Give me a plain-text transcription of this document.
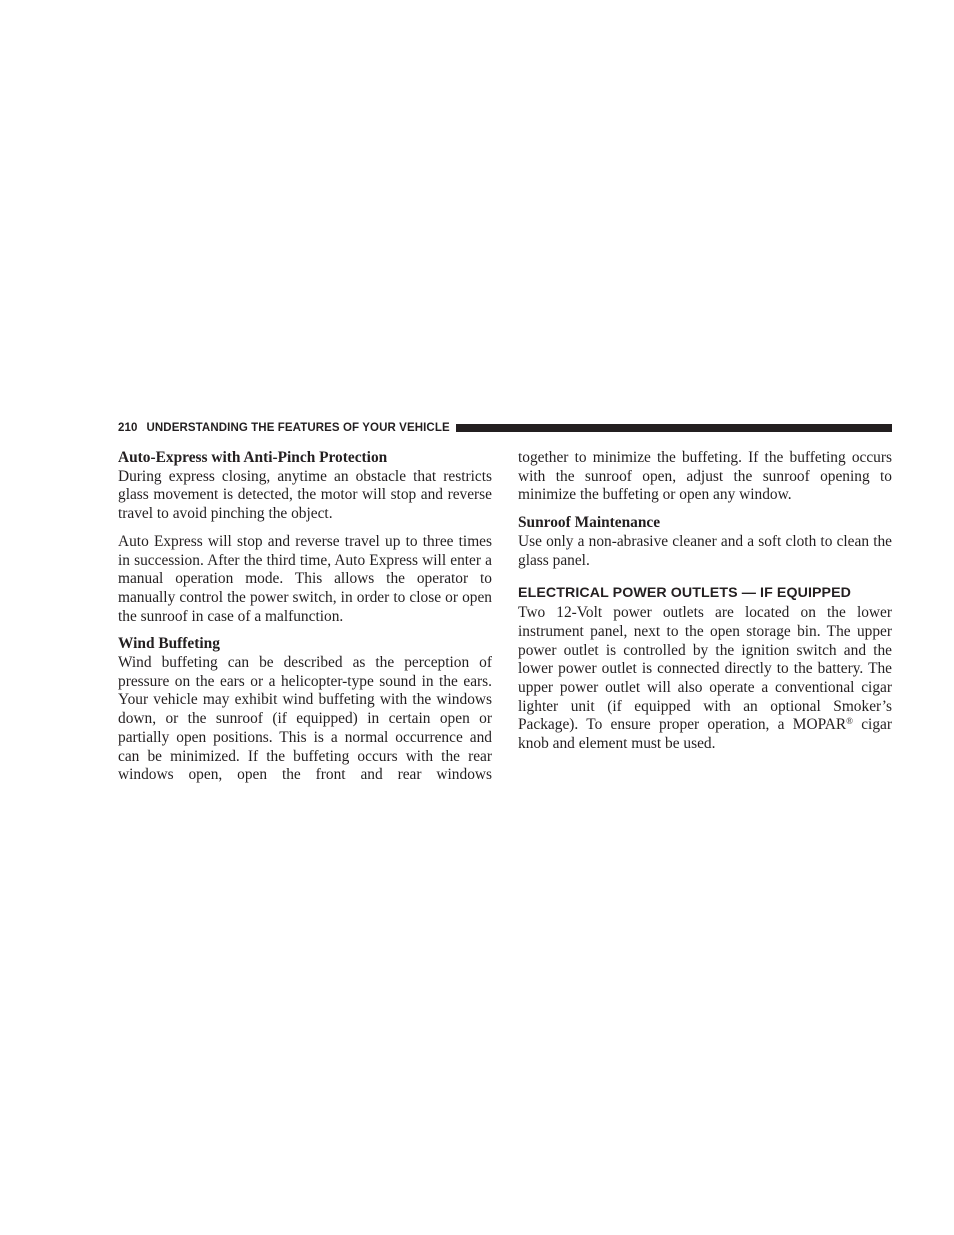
210 UNDERSTANDING THE FEATURES OF YOUR VEHICLE
Auto-Express with Anti-Pinch Protection

During express closing, anytime an obstacle that restricts glass movement is detected, the motor will stop and reverse travel to avoid pinching the object.

Auto Express will stop and reverse travel up to three times in succession. After the third time, Auto Express will enter a manual operation mode. This allows the operator to manually control the power switch, in order to close or open the sunroof in case of a malfunction.

Wind Buffeting

Wind buffeting can be described as the perception of pressure on the ears or a helicopter-type sound in the ears. Your vehicle may exhibit wind buffeting with the windows down, or the sunroof (if equipped) in certain open or partially open positions. This is a normal occurrence and can be minimized. If the buffeting occurs with the rear windows open, open the front and rear windows

together to minimize the buffeting. If the buffeting occurs with the sunroof open, adjust the sunroof opening to minimize the buffeting or open any window.

Sunroof Maintenance

Use only a non-abrasive cleaner and a soft cloth to clean the glass panel.

ELECTRICAL POWER OUTLETS — IF EQUIPPED

Two 12-Volt power outlets are located on the lower instrument panel, next to the open storage bin. The upper power outlet is controlled by the ignition switch and the lower power outlet is connected directly to the battery. The upper power outlet will also operate a conventional cigar lighter unit (if equipped with an optional Smoker’s Package). To ensure proper operation, a MOPAR® cigar knob and element must be used.
